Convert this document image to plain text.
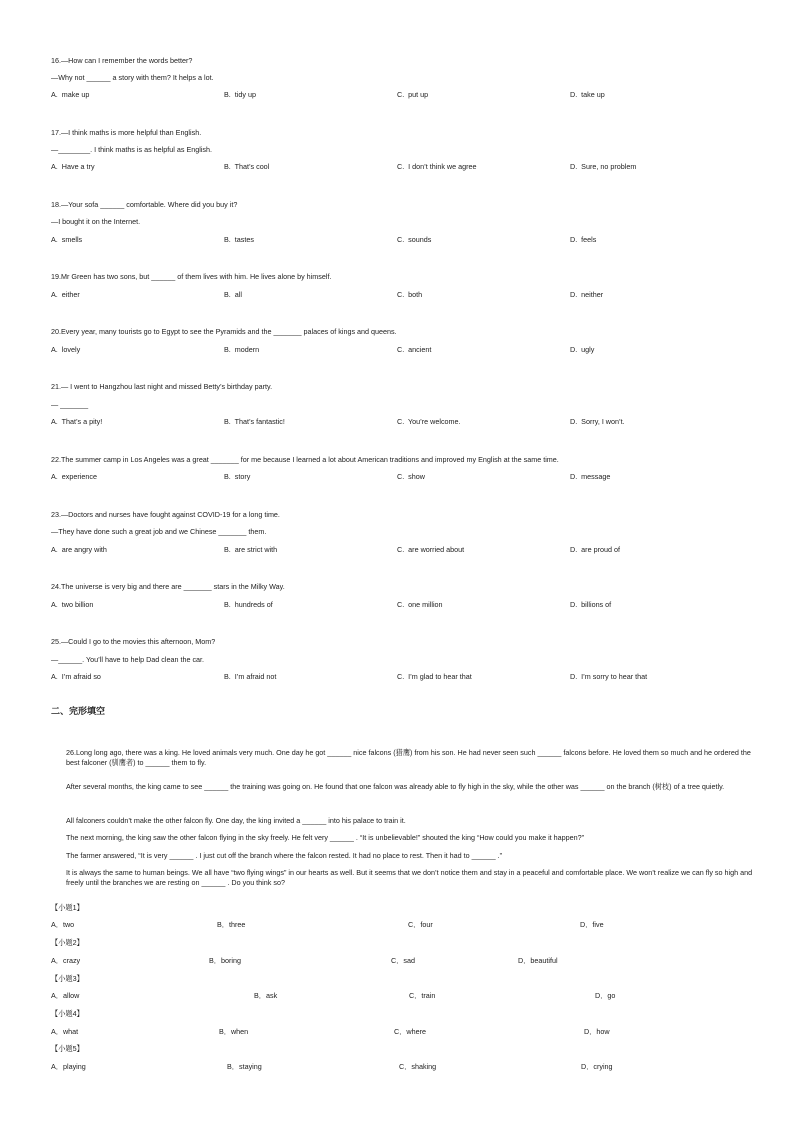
16.—How can I remember the words better?
—Why not ______ a story with them? It helps a lot.
A.  make up	B.  tidy up	C.  put up	D.  take up
17.—I think maths is more helpful than English.
—________. I think maths is as helpful as English.
A.  Have a try	B.  That’s cool	C.  I don’t think we agree	D.  Sure, no problem
18.—Your sofa ______ comfortable. Where did you buy it?
—I bought it on the Internet.
A.  smells	B.  tastes	C.  sounds	D.  feels
19.Mr Green has two sons, but ______ of them lives with him. He lives alone by himself.
A.  either	B.  all	C.  both	D.  neither
20.Every year, many tourists go to Egypt to see the Pyramids and the _______ palaces of kings and queens.
A.  lovely	B.  modern	C.  ancient	D.  ugly
21.— I went to Hangzhou last night and missed Betty’s birthday party.
— _______
A.  That’s a pity!	B.  That’s fantastic!	C.  You’re welcome.	D.  Sorry, I won’t.
22.The summer camp in Los Angeles was a great _______ for me because I learned a lot about American traditions and improved my English at the same time.
A.  experience	B.  story	C.  show	D.  message
23.—Doctors and nurses have fought against COVID-19 for a long time.
—They have done such a great job and we Chinese _______ them.
A.  are angry with	B.  are strict with	C.  are worried about	D.  are proud of
24.The universe is very big and there are _______ stars in the Milky Way.
A.  two billion	B.  hundreds of	C.  one million	D.  billions of
25.—Could I go to the movies this afternoon, Mom?
—______. You’ll have to help Dad clean the car.
A.  I’m afraid so	B.  I’m afraid not	C.  I’m glad to hear that	D.  I’m sorry to hear that
二、完形填空
26.Long long ago, there was a king. He loved animals very much. One day he got ______ nice falcons (猎鹰) from his son. He had never seen such ______ falcons before. He loved them so much and he ordered the best falconer (驯鹰者) to ______ them to fly.
After several months, the king came to see ______ the training was going on. He found that one falcon was already able to fly high in the sky, while the other was ______ on the branch (树枝) of a tree quietly.
All falconers couldn’t make the other falcon fly. One day, the king invited a ______ into his palace to train it.
The next morning, the king saw the other falcon flying in the sky freely. He felt very ______ . “It is unbelievable!” shouted the king “How could you make it happen?”
The farmer answered, “It is very ______ . I just cut off the branch where the falcon rested. It had no place to rest. Then it had to ______ .”
It is always the same to human beings. We all have “two flying wings” in our hearts as well. But it seems that we don’t notice them and stay in a peaceful and comfortable place. We won’t realize we can fly so high and freely until the branches we are resting on ______ . Do you think so?
【小题1】
A．two	B．three	C．four	D．five
【小题2】
A．crazy	B．boring	C．sad	D．beautiful
【小题3】
A．allow	B．ask	C．train	D．go
【小题4】
A．what	B．when	C．where	D．how
【小题5】
A．playing	B．staying	C．shaking	D．crying
